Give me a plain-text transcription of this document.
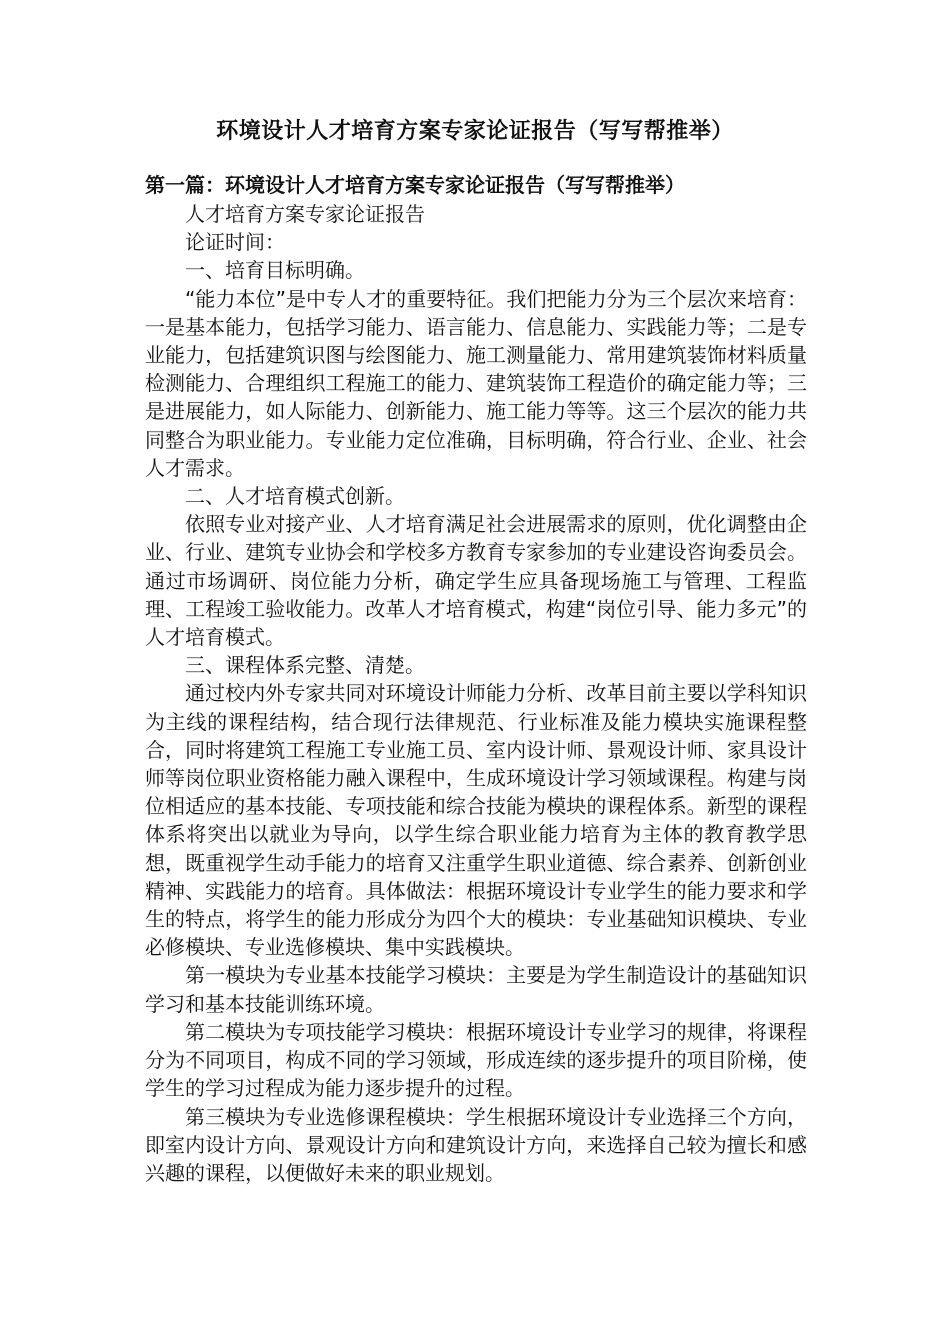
环境设计人才培育方案专家论证报告（写写帮推举）
第一篇：环境设计人才培育方案专家论证报告（写写帮推举）

人才培育方案专家论证报告

论证时间：

一、培育目标明确。

“能力本位”是中专人才的重要特征。我们把能力分为三个层次来培育：一是基本能力，包括学习能力、语言能力、信息能力、实践能力等；二是专业能力，包括建筑识图与绘图能力、施工测量能力、常用建筑装饰材料质量检测能力、合理组织工程施工的能力、建筑装饰工程造价的确定能力等；三是进展能力，如人际能力、创新能力、施工能力等等。这三个层次的能力共同整合为职业能力。专业能力定位准确，目标明确，符合行业、企业、社会人才需求。

二、人才培育模式创新。

依照专业对接产业、人才培育满足社会进展需求的原则，优化调整由企业、行业、建筑专业协会和学校多方教育专家参加的专业建设咨询委员会。通过市场调研、岗位能力分析，确定学生应具备现场施工与管理、工程监理、工程竣工验收能力。改革人才培育模式，构建“岗位引导、能力多元”的人才培育模式。

三、课程体系完整、清楚。

通过校内外专家共同对环境设计师能力分析、改革目前主要以学科知识为主线的课程结构，结合现行法律规范、行业标准及能力模块实施课程整合，同时将建筑工程施工专业施工员、室内设计师、景观设计师、家具设计师等岗位职业资格能力融入课程中，生成环境设计学习领域课程。构建与岗位相适应的基本技能、专项技能和综合技能为模块的课程体系。新型的课程体系将突出以就业为导向，以学生综合职业能力培育为主体的教育教学思想，既重视学生动手能力的培育又注重学生职业道德、综合素养、创新创业精神、实践能力的培育。具体做法：根据环境设计专业学生的能力要求和学生的特点，将学生的能力形成分为四个大的模块：专业基础知识模块、专业必修模块、专业选修模块、集中实践模块。

第一模块为专业基本技能学习模块：主要是为学生制造设计的基础知识学习和基本技能训练环境。

第二模块为专项技能学习模块：根据环境设计专业学习的规律，将课程分为不同项目，构成不同的学习领域，形成连续的逐步提升的项目阶梯，使学生的学习过程成为能力逐步提升的过程。

第三模块为专业选修课程模块：学生根据环境设计专业选择三个方向，即室内设计方向、景观设计方向和建筑设计方向，来选择自己较为擅长和感兴趣的课程，以便做好未来的职业规划。
